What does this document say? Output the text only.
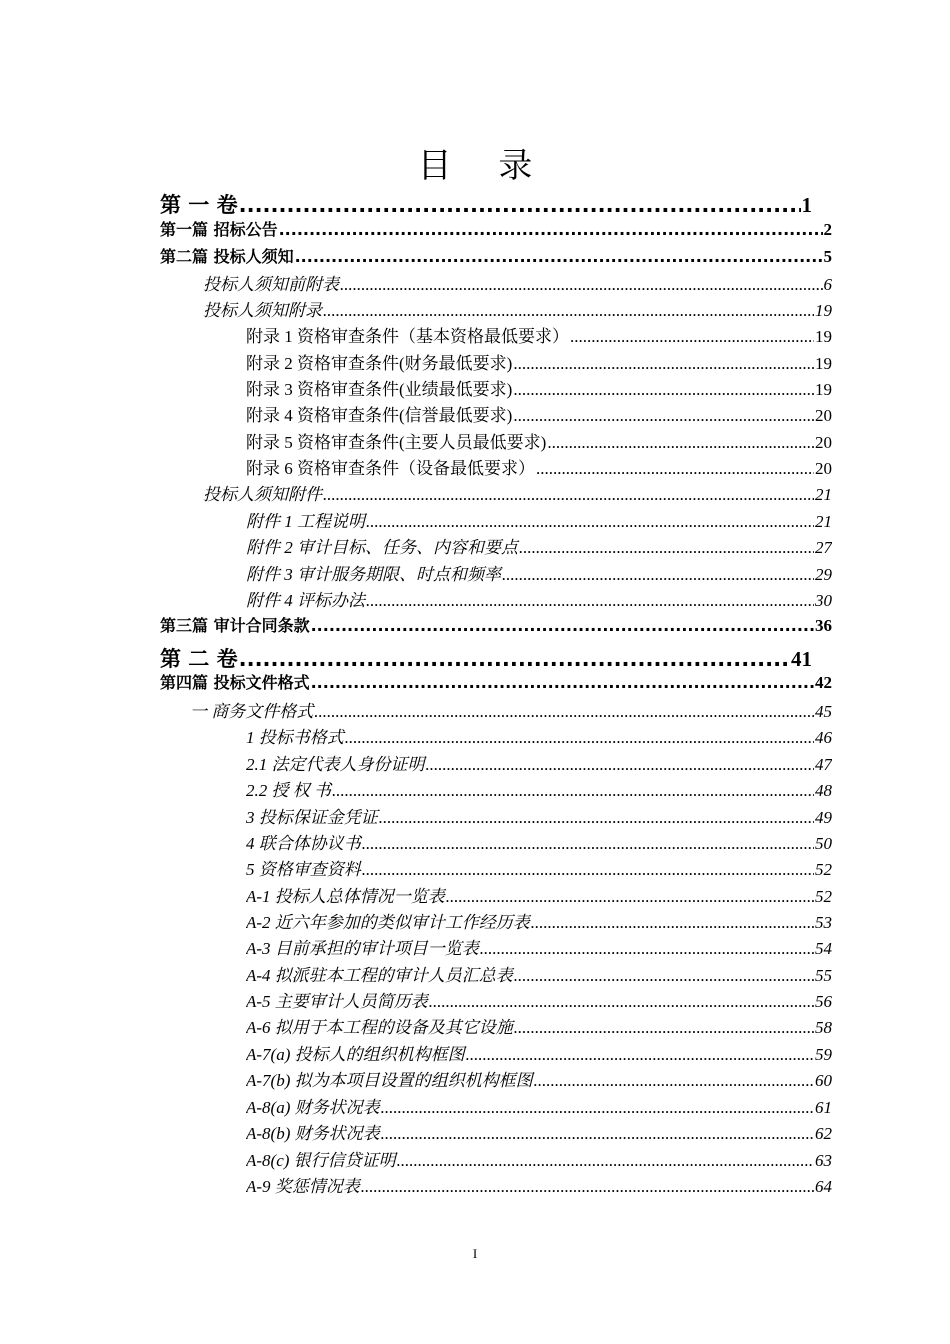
目 录
第 一 卷 .....	1
第一篇 招标公告 .....	2
第二篇 投标人须知 .....	5
投标人须知前附表 .....	6
投标人须知附录 .....	19
附录 1 资格审查条件（基本资格最低要求） .....	19
附录 2 资格审查条件(财务最低要求) .....	19
附录 3 资格审查条件(业绩最低要求) .....	19
附录 4 资格审查条件(信誉最低要求) .....	20
附录 5 资格审查条件(主要人员最低要求) .....	20
附录 6 资格审查条件（设备最低要求） .....	20
投标人须知附件 .....	21
附件 1 工程说明 .....	21
附件 2 审计目标、任务、内容和要点 .....	27
附件 3 审计服务期限、时点和频率 .....	29
附件 4 评标办法 .....	30
第三篇 审计合同条款 .....	36
第 二 卷 .....	41
第四篇 投标文件格式 .....	42
一 商务文件格式 .....	45
1 投标书格式 .....	46
2.1 法定代表人身份证明 .....	47
2.2 授 权 书 .....	48
3 投标保证金凭证 .....	49
4 联合体协议书 .....	50
5 资格审查资料 .....	52
A-1 投标人总体情况一览表 .....	52
A-2 近六年参加的类似审计工作经历表 .....	53
A-3 目前承担的审计项目一览表 .....	54
A-4 拟派驻本工程的审计人员汇总表 .....	55
A-5 主要审计人员简历表 .....	56
A-6 拟用于本工程的设备及其它设施 .....	58
A-7(a) 投标人的组织机构框图 .....	59
A-7(b) 拟为本项目设置的组织机构框图 .....	60
A-8(a) 财务状况表 .....	61
A-8(b) 财务状况表 .....	62
A-8(c) 银行信贷证明 .....	63
A-9 奖惩情况表 .....	64
I
